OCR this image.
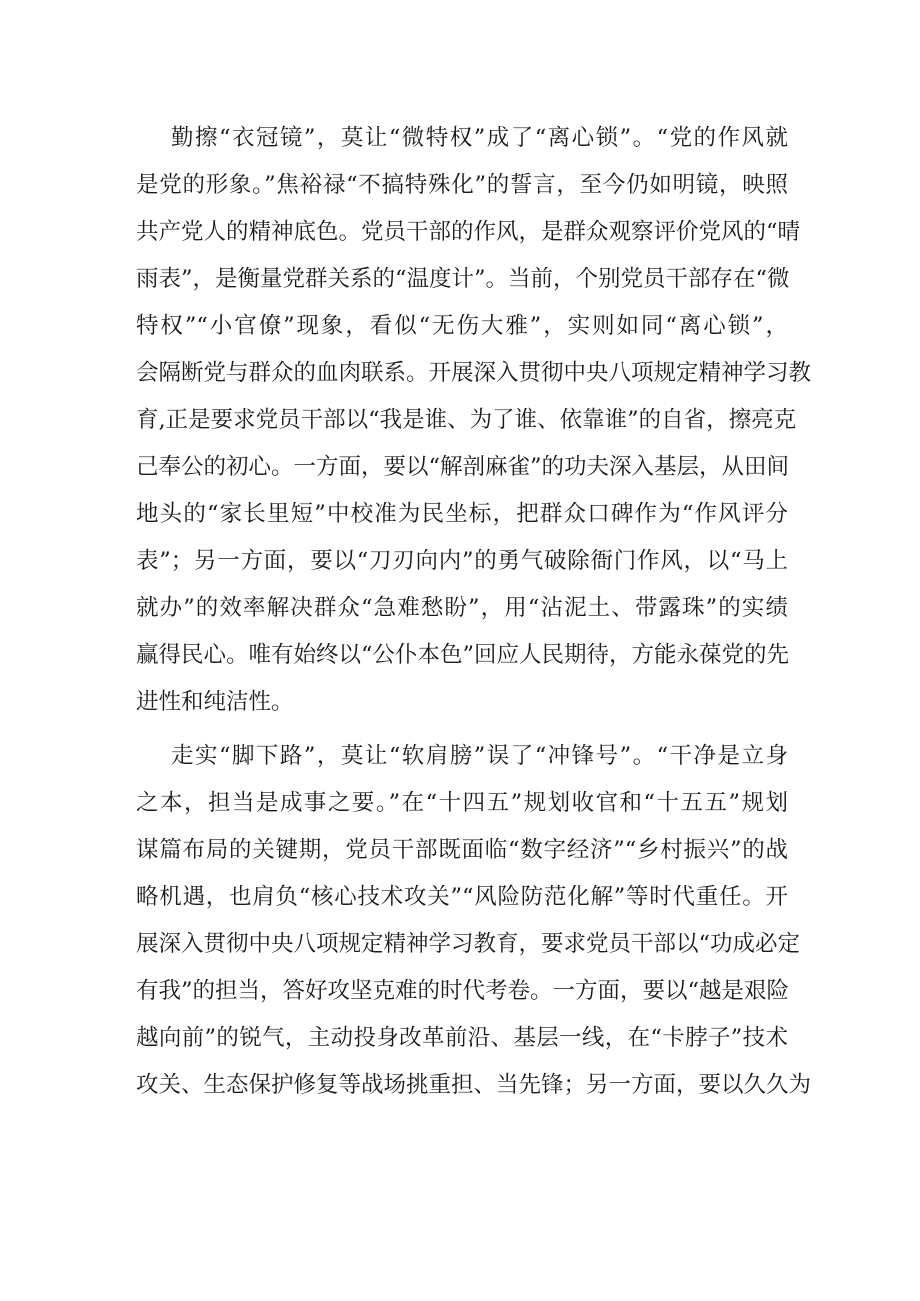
勤擦“衣冠镜”，莫让“微特权”成了“离心锁”。“党的作风就
是党的形象。”焦裕禄“不搞特殊化”的誓言，至今仍如明镜，映照
共产党人的精神底色。党员干部的作风，是群众观察评价党风的“晴
雨表”，是衡量党群关系的“温度计”。当前，个别党员干部存在“微
特权”“小官僚”现象，看似“无伤大雅”，实则如同“离心锁”，
会隔断党与群众的血肉联系。开展深入贯彻中央八项规定精神学习教
育,正是要求党员干部以“我是谁、为了谁、依靠谁”的自省，擦亮克
己奉公的初心。一方面，要以“解剖麻雀”的功夫深入基层，从田间
地头的“家长里短”中校准为民坐标，把群众口碑作为“作风评分
表”；另一方面，要以“刀刃向内”的勇气破除衙门作风，以“马上
就办”的效率解决群众“急难愁盼”，用“沾泥土、带露珠”的实绩
赢得民心。唯有始终以“公仆本色”回应人民期待，方能永葆党的先
进性和纯洁性。
走实“脚下路”，莫让“软肩膀”误了“冲锋号”。“干净是立身
之本，担当是成事之要。”在“十四五”规划收官和“十五五”规划
谋篇布局的关键期，党员干部既面临“数字经济”“乡村振兴”的战
略机遇，也肩负“核心技术攻关”“风险防范化解”等时代重任。开
展深入贯彻中央八项规定精神学习教育，要求党员干部以“功成必定
有我”的担当，答好攻坚克难的时代考卷。一方面，要以“越是艰险
越向前”的锐气，主动投身改革前沿、基层一线，在“卡脖子”技术
攻关、生态保护修复等战场挑重担、当先锋；另一方面，要以久久为
